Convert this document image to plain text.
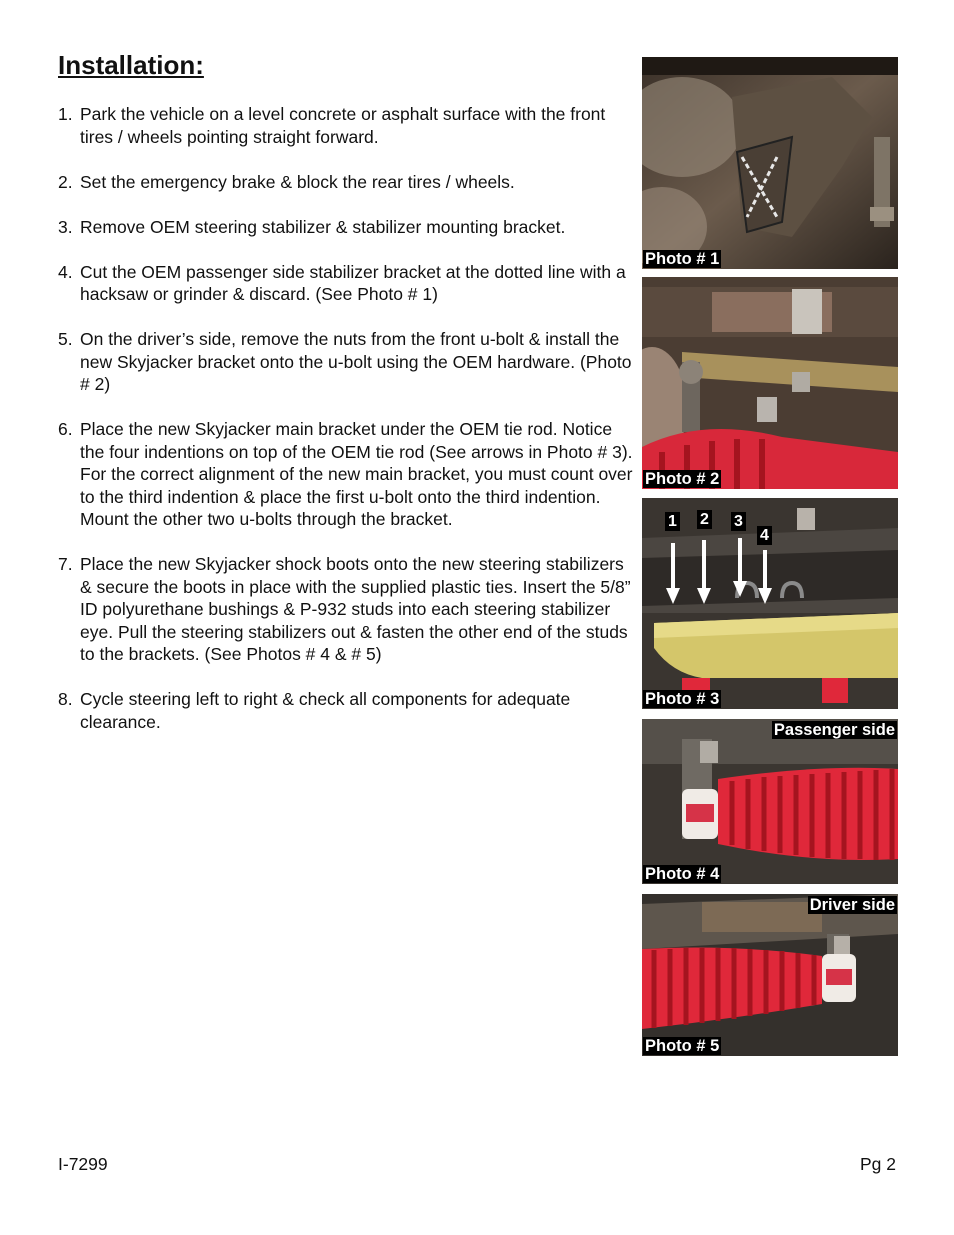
Installation:
1. Park the vehicle on a level concrete or asphalt surface with the front tires / wheels pointing straight forward.
2. Set the emergency brake & block the rear tires / wheels.
3. Remove OEM steering stabilizer & stabilizer mounting bracket.
4. Cut the OEM passenger side stabilizer bracket at the dotted line with a hacksaw or grinder & discard. (See Photo # 1)
5. On the driver’s side, remove the nuts from the front u-bolt & install the new Skyjacker bracket onto the u-bolt using the OEM hardware. (Photo # 2)
6. Place the new Skyjacker main bracket under the OEM tie rod. Notice the four indentions on top of the OEM tie rod (See arrows in Photo # 3). For the correct alignment of the new main bracket, you must count over to the third indention & place the first u-bolt onto the third indention. Mount the other two u-bolts through the bracket.
7. Place the new Skyjacker shock boots onto the new steering stabilizers & secure the boots in place with the supplied plastic ties. Insert the 5/8” ID polyurethane bushings & P-932 studs into each steering stabilizer eye. Pull the steering stabilizers out & fasten the other end of the studs to the brackets. (See Photos # 4 & # 5)
8. Cycle steering left to right & check all components for adequate clearance.
Photo # 1
Photo # 2
1 2 3
4
Photo # 3
Passenger side
Photo # 4
Driver side
Photo # 5
I-7299	Pg 2
